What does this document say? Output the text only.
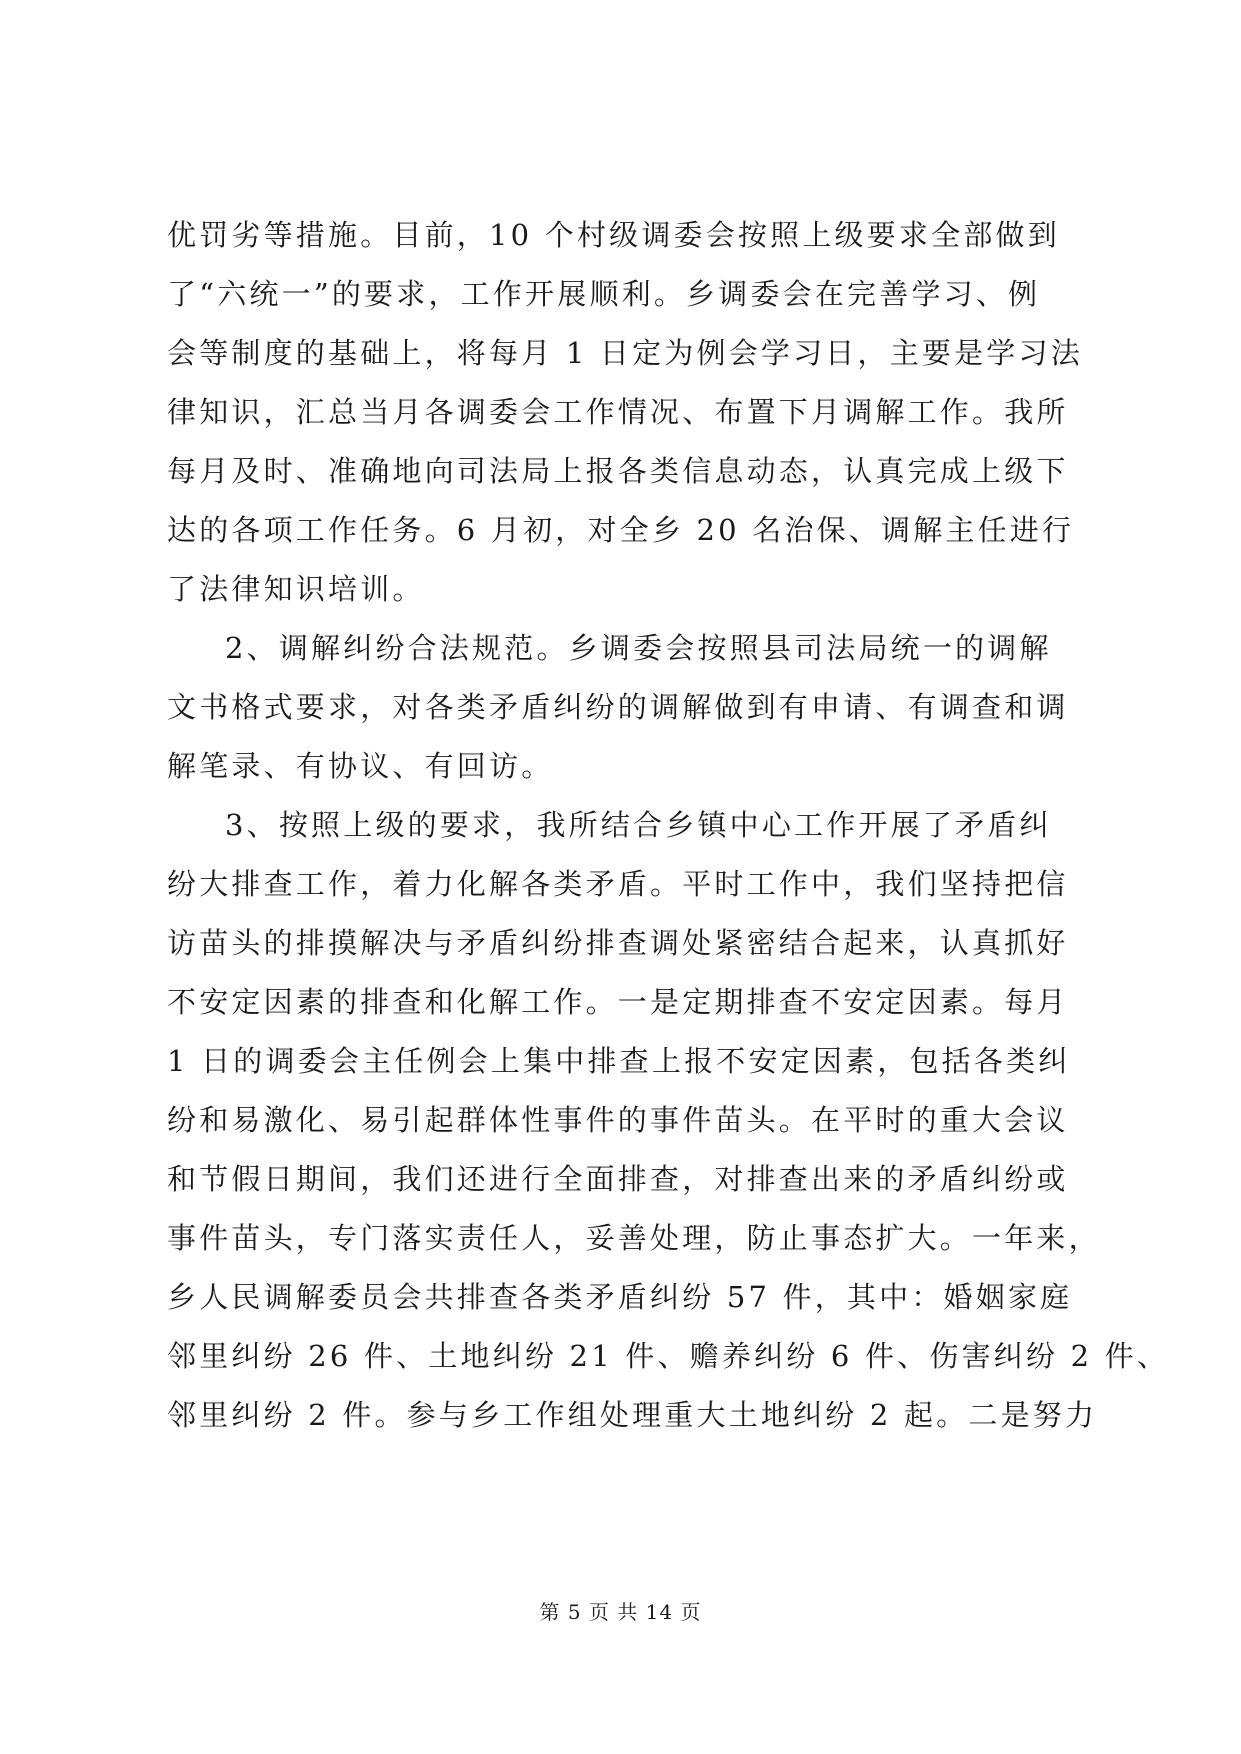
优罚劣等措施。目前，10 个村级调委会按照上级要求全部做到
了“六统一”的要求，工作开展顺利。乡调委会在完善学习、例
会等制度的基础上，将每月 1 日定为例会学习日，主要是学习法
律知识，汇总当月各调委会工作情况、布置下月调解工作。我所
每月及时、准确地向司法局上报各类信息动态，认真完成上级下
达的各项工作任务。6 月初，对全乡 20 名治保、调解主任进行
了法律知识培训。
2、调解纠纷合法规范。乡调委会按照县司法局统一的调解
文书格式要求，对各类矛盾纠纷的调解做到有申请、有调查和调
解笔录、有协议、有回访。
3、按照上级的要求，我所结合乡镇中心工作开展了矛盾纠
纷大排查工作，着力化解各类矛盾。平时工作中，我们坚持把信
访苗头的排摸解决与矛盾纠纷排查调处紧密结合起来，认真抓好
不安定因素的排查和化解工作。一是定期排查不安定因素。每月
1 日的调委会主任例会上集中排查上报不安定因素，包括各类纠
纷和易激化、易引起群体性事件的事件苗头。在平时的重大会议
和节假日期间，我们还进行全面排查，对排查出来的矛盾纠纷或
事件苗头，专门落实责任人，妥善处理，防止事态扩大。一年来，
乡人民调解委员会共排查各类矛盾纠纷 57 件，其中：婚姻家庭
邻里纠纷 26 件、土地纠纷 21 件、赡养纠纷 6 件、伤害纠纷 2 件、
邻里纠纷 2 件。参与乡工作组处理重大土地纠纷 2 起。二是努力
第 5 页 共 14 页
